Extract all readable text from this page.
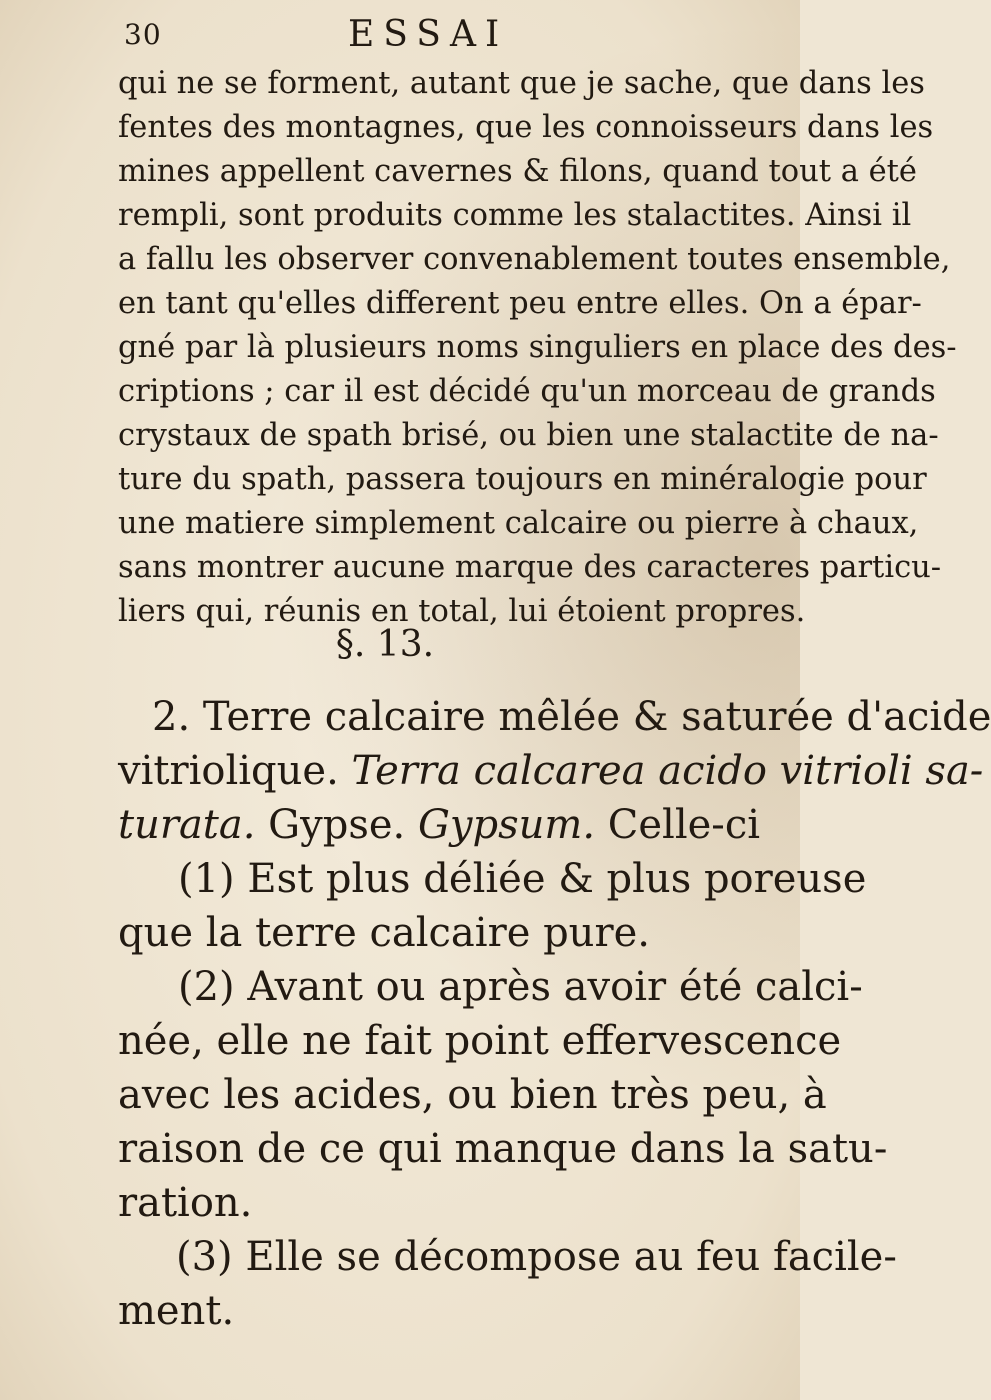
30	ESSAI
qui ne se forment, autant que je sache, que dans les
fentes des montagnes, que les connoisseurs dans les
mines appellent cavernes & filons, quand tout a été
rempli, sont produits comme les stalactites. Ainsi il
a fallu les observer convenablement toutes ensemble,
en tant qu'elles different peu entre elles. On a épar-
gné par là plusieurs noms singuliers en place des des-
criptions ; car il est décidé qu'un morceau de grands
crystaux de spath brisé, ou bien une stalactite de na-
ture du spath, passera toujours en minéralogie pour
une matiere simplement calcaire ou pierre à chaux,
sans montrer aucune marque des caracteres particu-
liers qui, réunis en total, lui étoient propres.
§. 13.
2. Terre calcaire mêlée & saturée d'acide
vitriolique. Terra calcarea acido vitrioli sa-
turata. Gypse. Gypsum. Celle-ci
(1) Est plus déliée & plus poreuse
que la terre calcaire pure.
(2) Avant ou après avoir été calci-
née, elle ne fait point effervescence
avec les acides, ou bien très peu, à
raison de ce qui manque dans la satu-
ration.
(3) Elle se décompose au feu facile-
ment.
